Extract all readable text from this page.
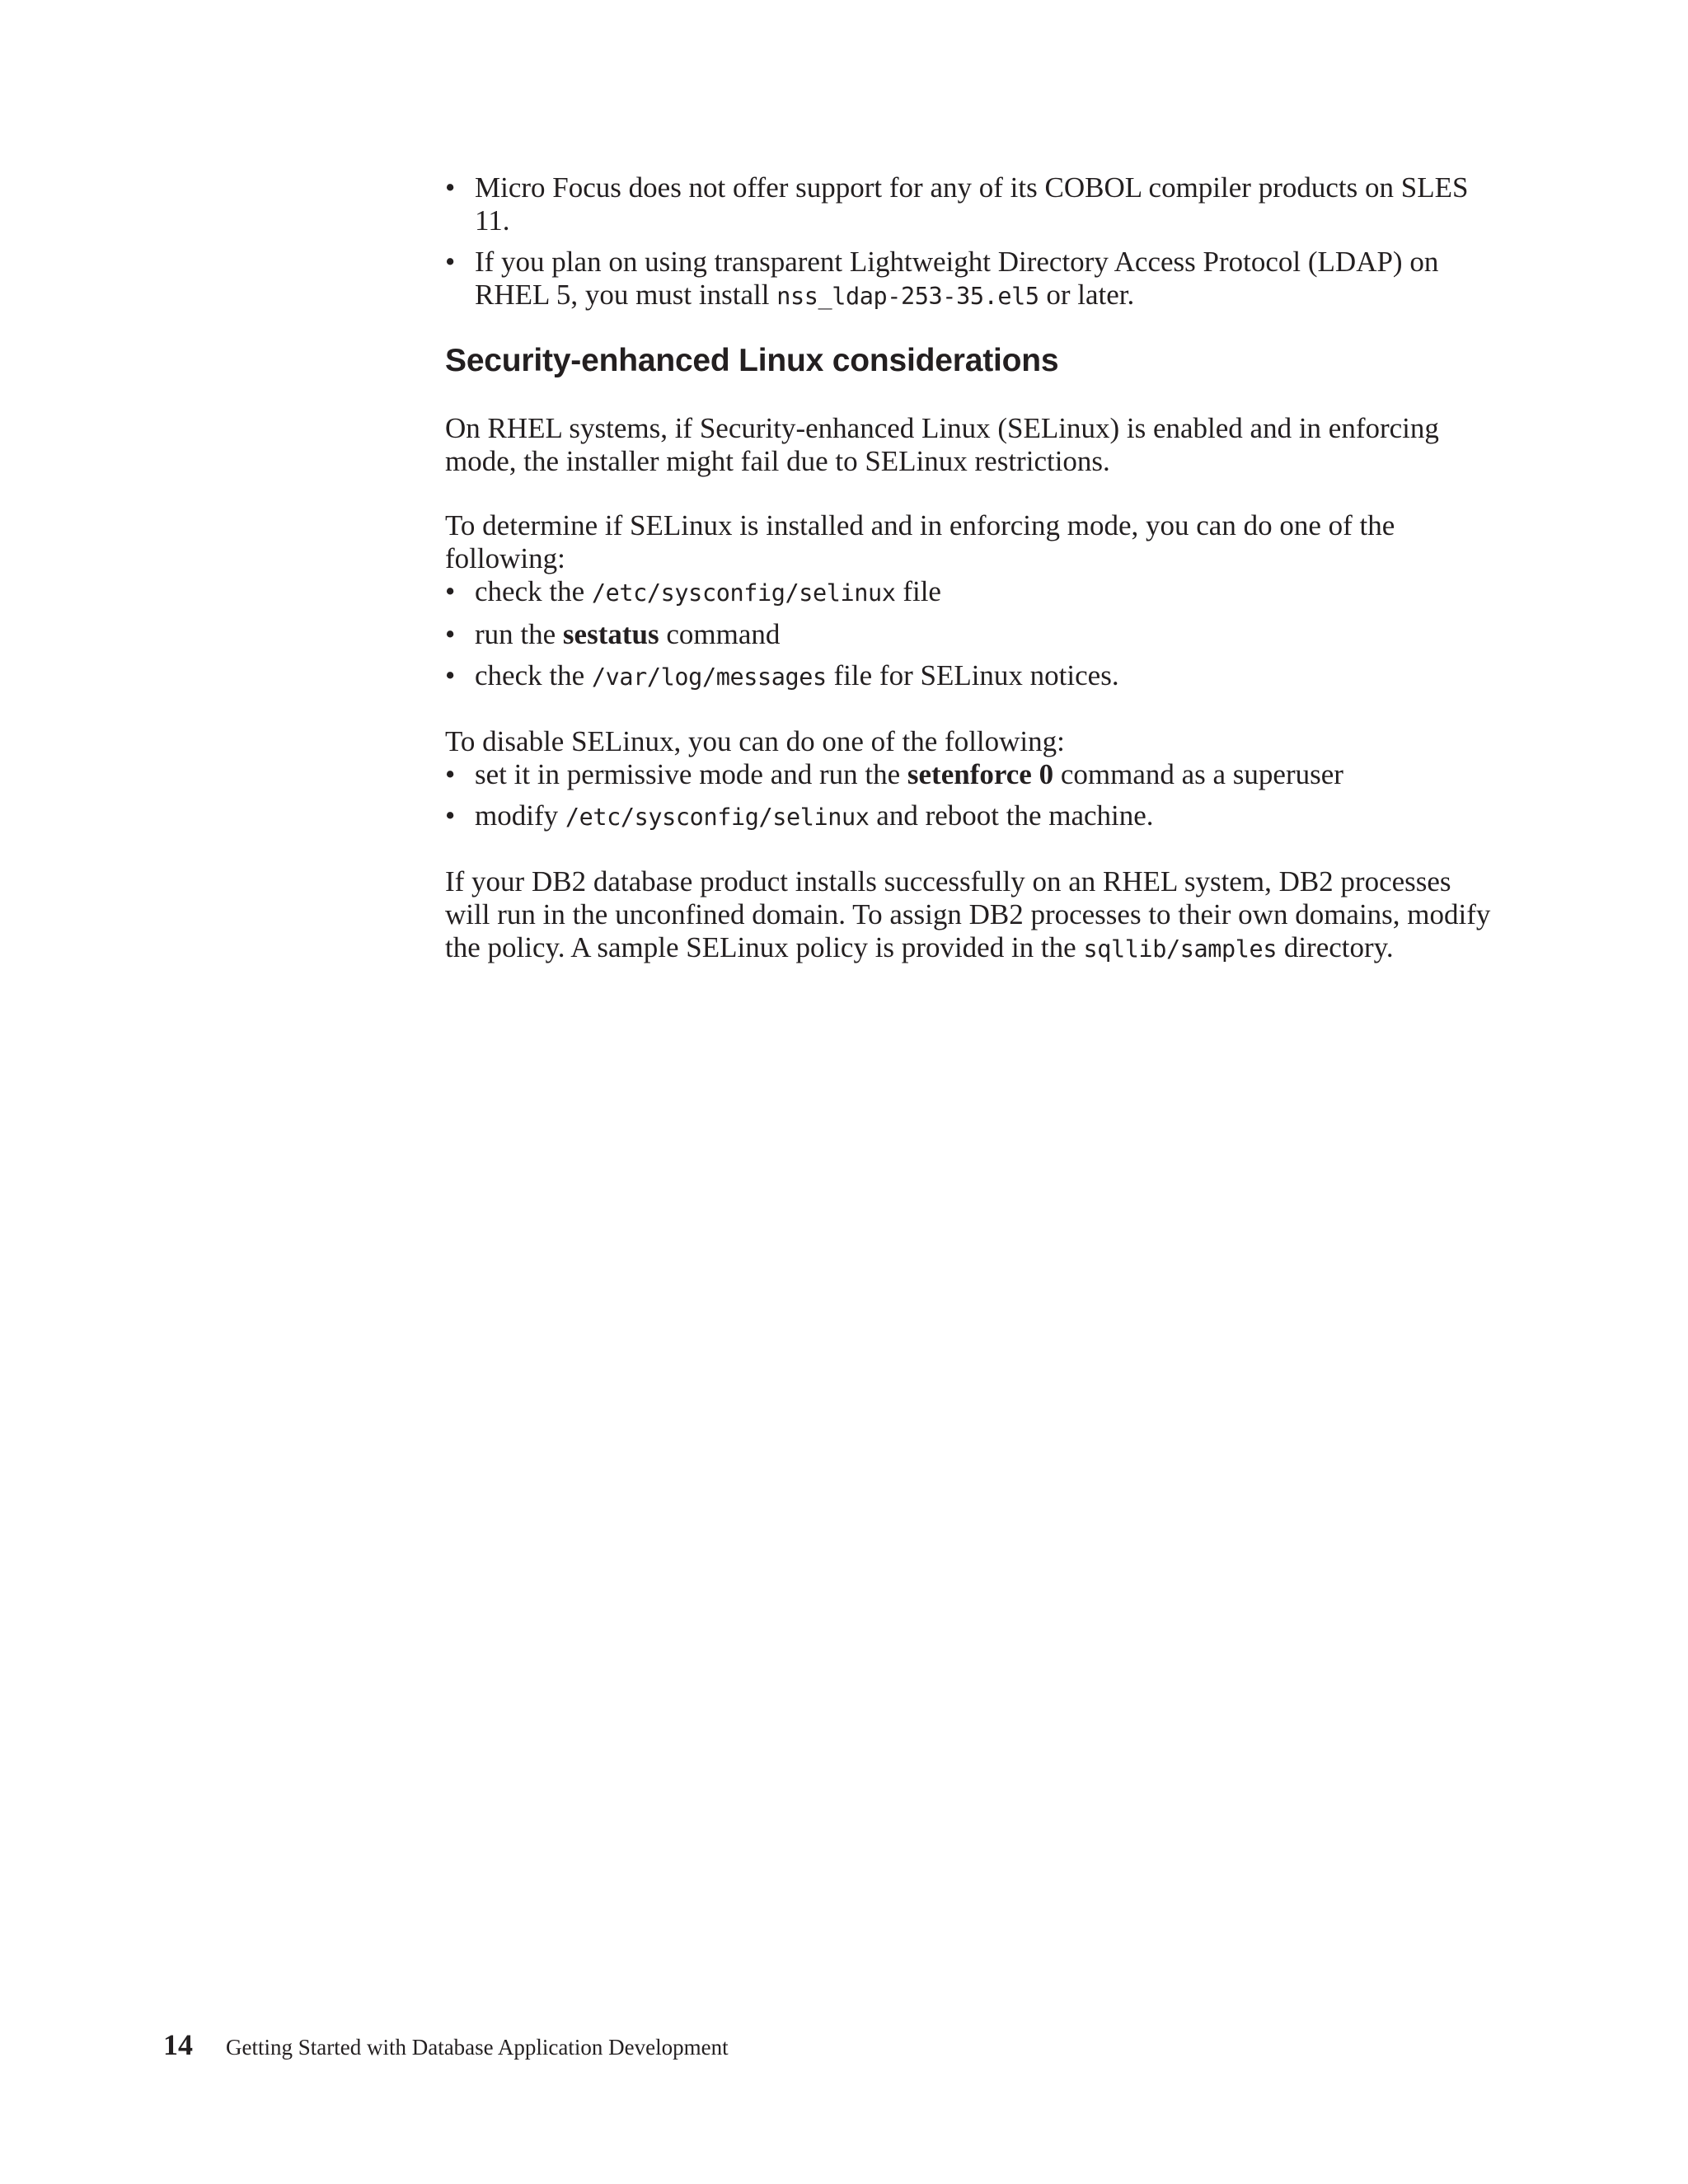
• Micro Focus does not offer support for any of its COBOL compiler products on SLES 11.
• If you plan on using transparent Lightweight Directory Access Protocol (LDAP) on RHEL 5, you must install nss_ldap-253-35.el5 or later.
Security-enhanced Linux considerations

On RHEL systems, if Security-enhanced Linux (SELinux) is enabled and in enforcing mode, the installer might fail due to SELinux restrictions.

To determine if SELinux is installed and in enforcing mode, you can do one of the following:

• check the /etc/sysconfig/selinux file
• run the sestatus command
• check the /var/log/messages file for SELinux notices.

To disable SELinux, you can do one of the following:

• set it in permissive mode and run the setenforce 0 command as a superuser
• modify /etc/sysconfig/selinux and reboot the machine.

If your DB2 database product installs successfully on an RHEL system, DB2 processes will run in the unconfined domain. To assign DB2 processes to their own domains, modify the policy. A sample SELinux policy is provided in the sqllib/samples directory.

14 Getting Started with Database Application Development
